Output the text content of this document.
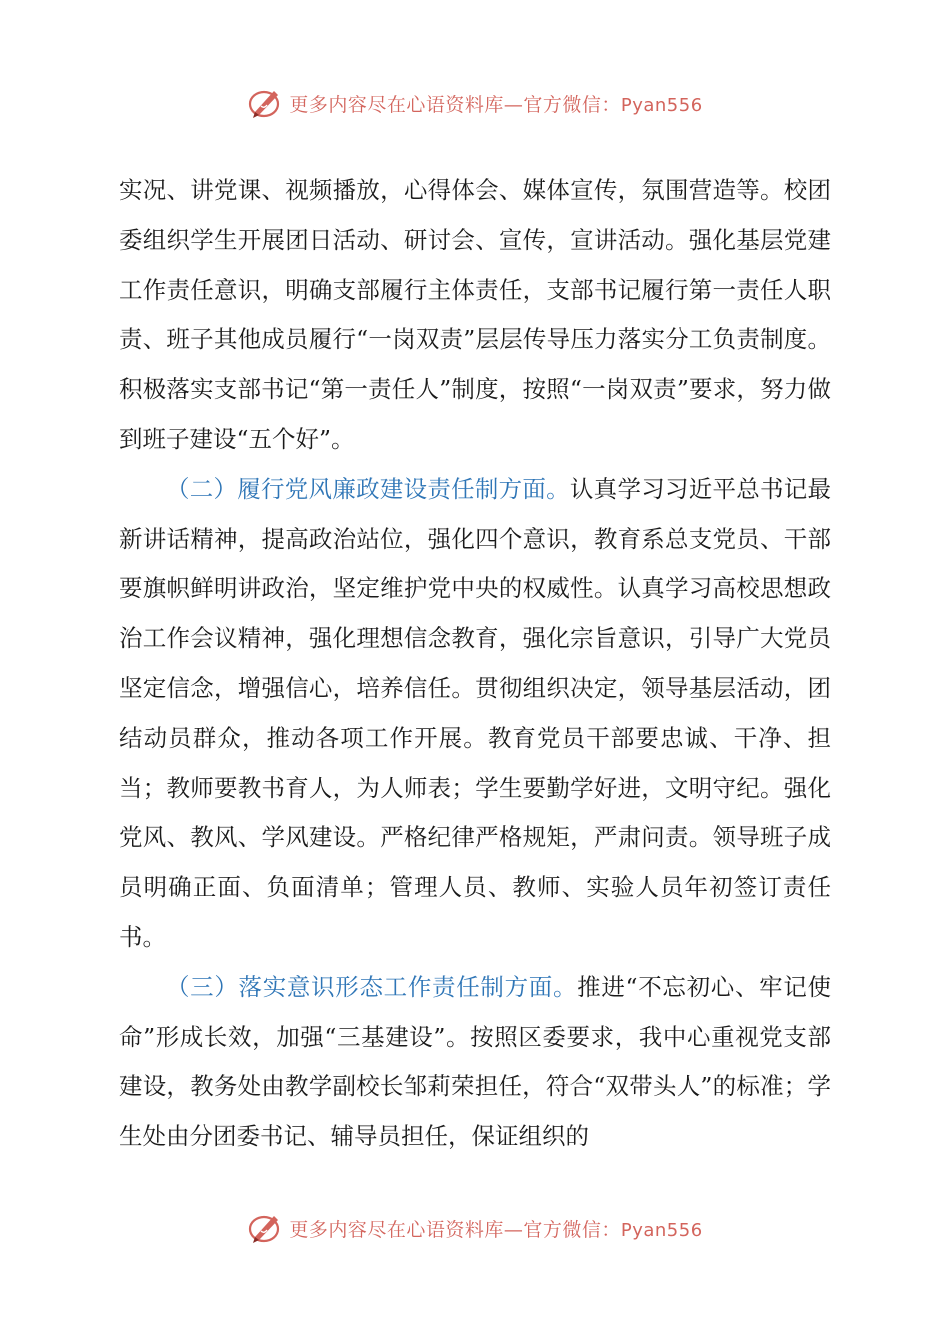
更多内容尽在心语资料库—官方微信：Pyan556

实况、讲党课、视频播放，心得体会、媒体宣传，氛围营造等。校团委组织学生开展团日活动、研讨会、宣传，宣讲活动。强化基层党建工作责任意识，明确支部履行主体责任，支部书记履行第一责任人职责、班子其他成员履行“一岗双责”层层传导压力落实分工负责制度。积极落实支部书记“第一责任人”制度，按照“一岗双责”要求，努力做到班子建设“五个好”。

（二）履行党风廉政建设责任制方面。认真学习习近平总书记最新讲话精神，提高政治站位，强化四个意识，教育系总支党员、干部要旗帜鲜明讲政治，坚定维护党中央的权威性。认真学习高校思想政治工作会议精神，强化理想信念教育，强化宗旨意识，引导广大党员坚定信念，增强信心，培养信任。贯彻组织决定，领导基层活动，团结动员群众，推动各项工作开展。教育党员干部要忠诚、干净、担当；教师要教书育人，为人师表；学生要勤学好进，文明守纪。强化党风、教风、学风建设。严格纪律严格规矩，严肃问责。领导班子成员明确正面、负面清单；管理人员、教师、实验人员年初签订责任书。

（三）落实意识形态工作责任制方面。推进“不忘初心、牢记使命”形成长效，加强“三基建设”。按照区委要求，我中心重视党支部建设，教务处由教学副校长邹莉荣担任，符合“双带头人”的标准；学生处由分团委书记、辅导员担任，保证组织的

更多内容尽在心语资料库—官方微信：Pyan556
